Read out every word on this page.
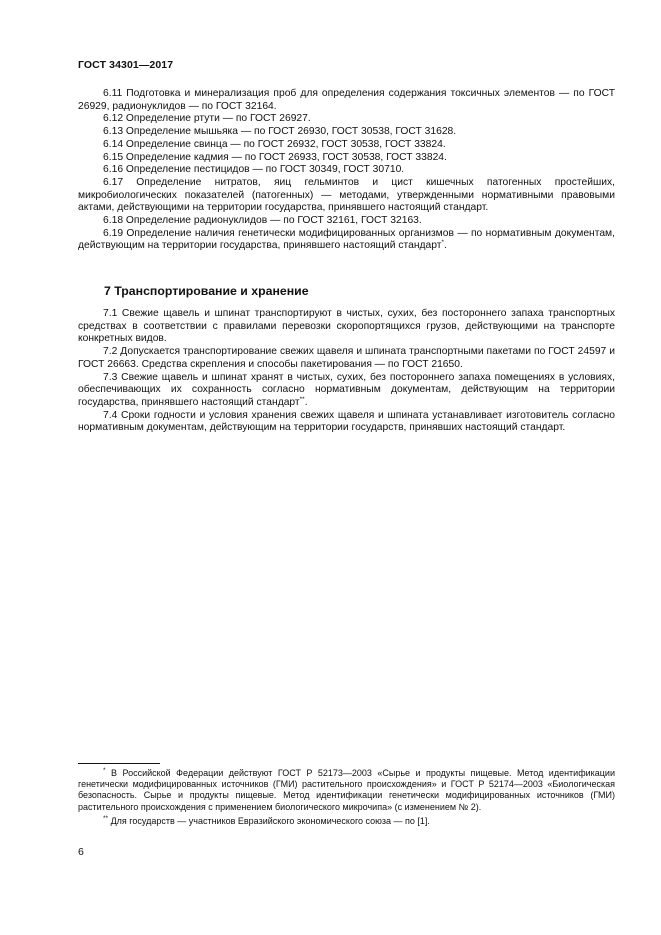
ГОСТ 34301—2017

6.11 Подготовка и минерализация проб для определения содержания токсичных элементов — по ГОСТ 26929, радионуклидов — по ГОСТ 32164.

6.12 Определение ртути — по ГОСТ 26927.

6.13 Определение мышьяка — по ГОСТ 26930, ГОСТ 30538, ГОСТ 31628.

6.14 Определение свинца — по ГОСТ 26932, ГОСТ 30538, ГОСТ 33824.

6.15 Определение кадмия — по ГОСТ 26933, ГОСТ 30538, ГОСТ 33824.

6.16 Определение пестицидов — по ГОСТ 30349, ГОСТ 30710.

6.17 Определение нитратов, яиц гельминтов и цист кишечных патогенных простейших, микробиологических показателей (патогенных) — методами, утвержденными нормативными правовыми актами, действующими на территории государства, принявшего настоящий стандарт.

6.18 Определение радионуклидов — по ГОСТ 32161, ГОСТ 32163.

6.19 Определение наличия генетически модифицированных организмов — по нормативным документам, действующим на территории государства, принявшего настоящий стандарт*.

7 Транспортирование и хранение

7.1 Свежие щавель и шпинат транспортируют в чистых, сухих, без постороннего запаха транспортных средствах в соответствии с правилами перевозки скоропортящихся грузов, действующими на транспорте конкретных видов.

7.2 Допускается транспортирование свежих щавеля и шпината транспортными пакетами по ГОСТ 24597 и ГОСТ 26663. Средства скрепления и способы пакетирования — по ГОСТ 21650.

7.3 Свежие щавель и шпинат хранят в чистых, сухих, без постороннего запаха помещениях в условиях, обеспечивающих их сохранность согласно нормативным документам, действующим на территории государства, принявшего настоящий стандарт**.

7.4 Сроки годности и условия хранения свежих щавеля и шпината устанавливает изготовитель согласно нормативным документам, действующим на территории государств, принявших настоящий стандарт.

* В Российской Федерации действуют ГОСТ Р 52173—2003 «Сырье и продукты пищевые. Метод идентификации генетически модифицированных источников (ГМИ) растительного происхождения» и ГОСТ Р 52174—2003 «Биологическая безопасность. Сырье и продукты пищевые. Метод идентификации генетически модифицированных источников (ГМИ) растительного происхождения с применением биологического микрочипа» (с изменением № 2).

** Для государств — участников Евразийского экономического союза — по [1].

6
